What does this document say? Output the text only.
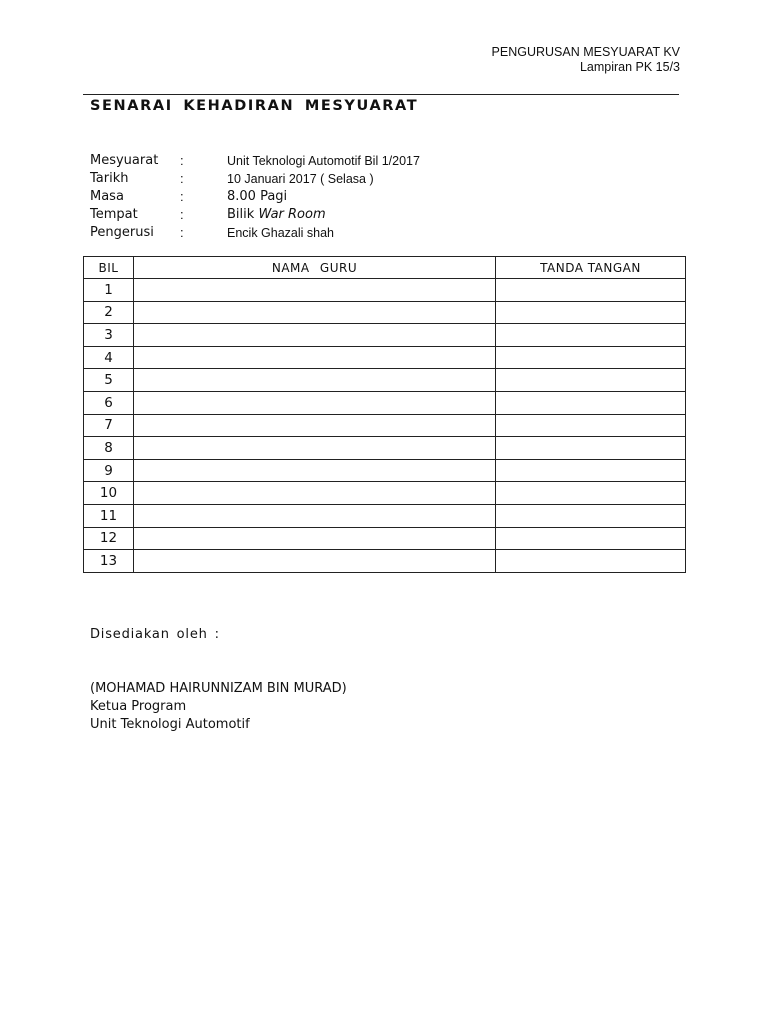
PENGURUSAN MESYUARAT KV
Lampiran PK 15/3
SENARAI KEHADIRAN MESYUARAT
Mesyuarat :	Unit Teknologi Automotif Bil 1/2017
Tarikh	:	10 Januari 2017 ( Selasa )
Masa	:	8.00 Pagi
Tempat	:	Bilik War Room
Pengerusi :	Encik Ghazali shah
BIL	NAMA GURU	TANDA TANGAN
1		
2		
3		
4		
5		
6		
7		
8		
9		
10		
11		
12		
13		
Disediakan oleh :
(MOHAMAD HAIRUNNIZAM BIN MURAD)
Ketua Program
Unit Teknologi Automotif
